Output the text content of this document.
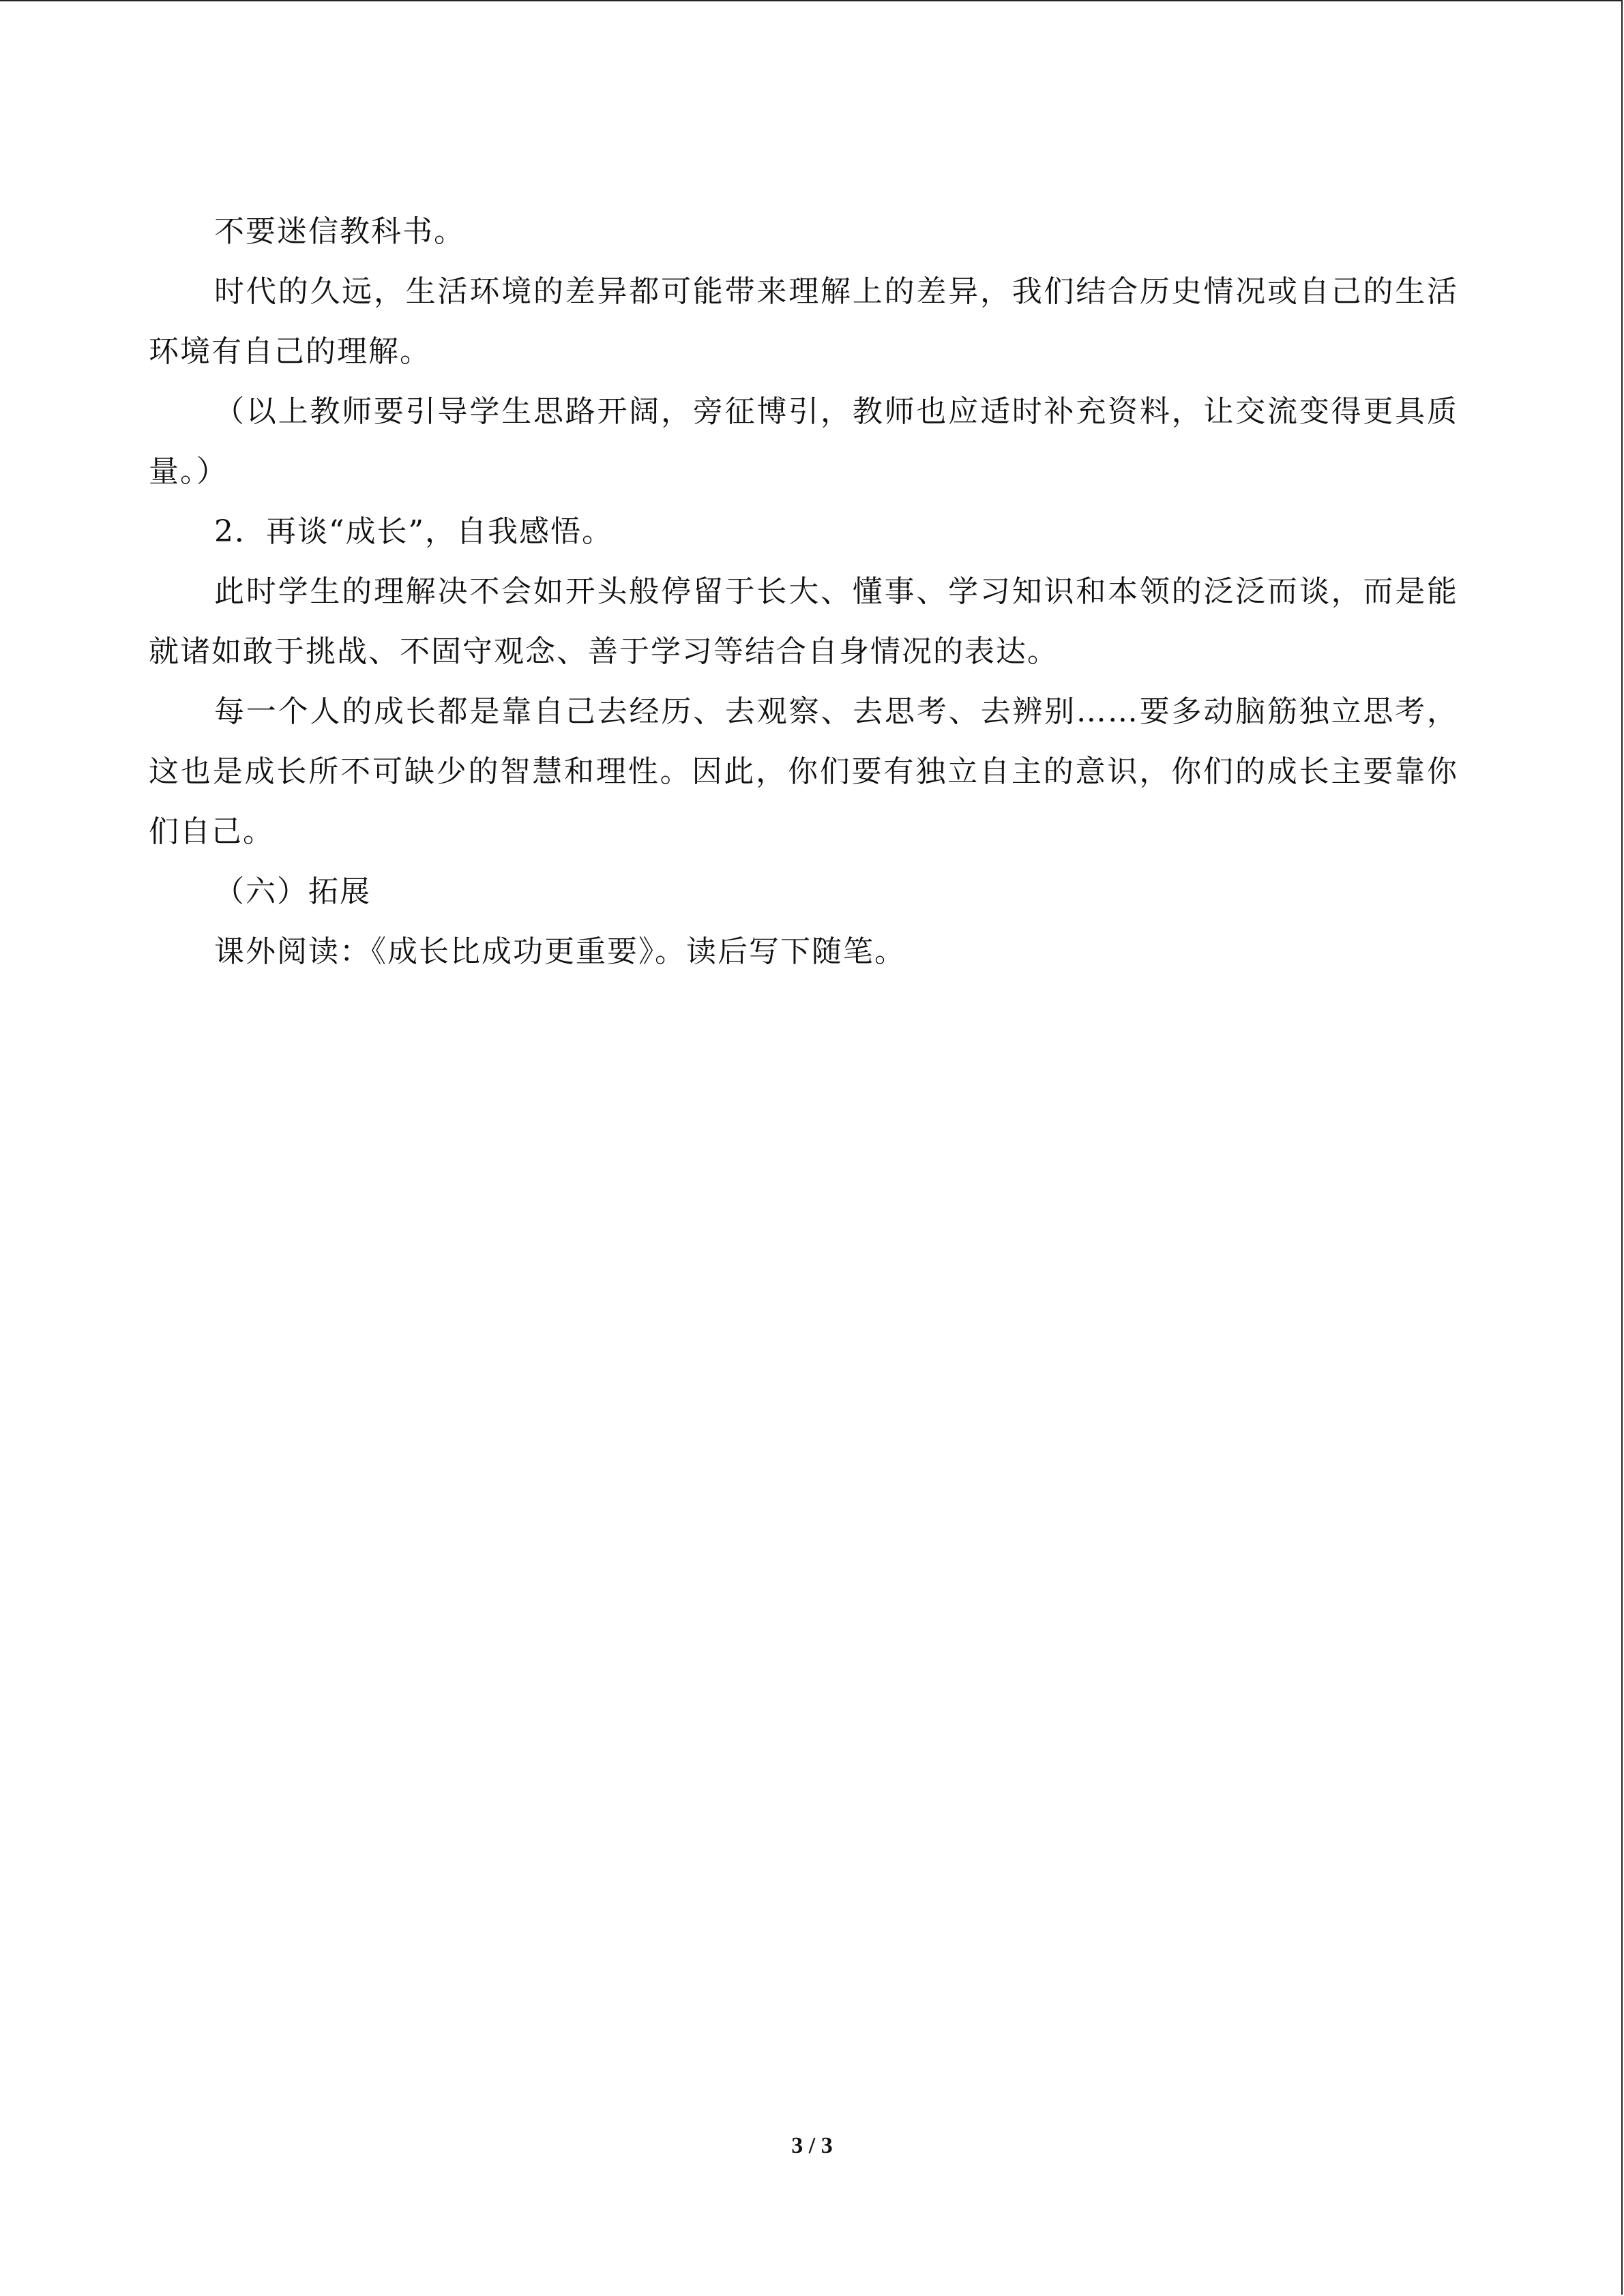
不要迷信教科书。

时代的久远，生活环境的差异都可能带来理解上的差异，我们结合历史情况或自己的生活环境有自己的理解。

（以上教师要引导学生思路开阔，旁征博引，教师也应适时补充资料，让交流变得更具质量。）

2．再谈“成长”，自我感悟。

此时学生的理解决不会如开头般停留于长大、懂事、学习知识和本领的泛泛而谈，而是能就诸如敢于挑战、不固守观念、善于学习等结合自身情况的表达。

每一个人的成长都是靠自己去经历、去观察、去思考、去辨别……要多动脑筋独立思考，这也是成长所不可缺少的智慧和理性。因此，你们要有独立自主的意识，你们的成长主要靠你们自己。

（六）拓展

课外阅读：《成长比成功更重要》。读后写下随笔。

3 / 3
